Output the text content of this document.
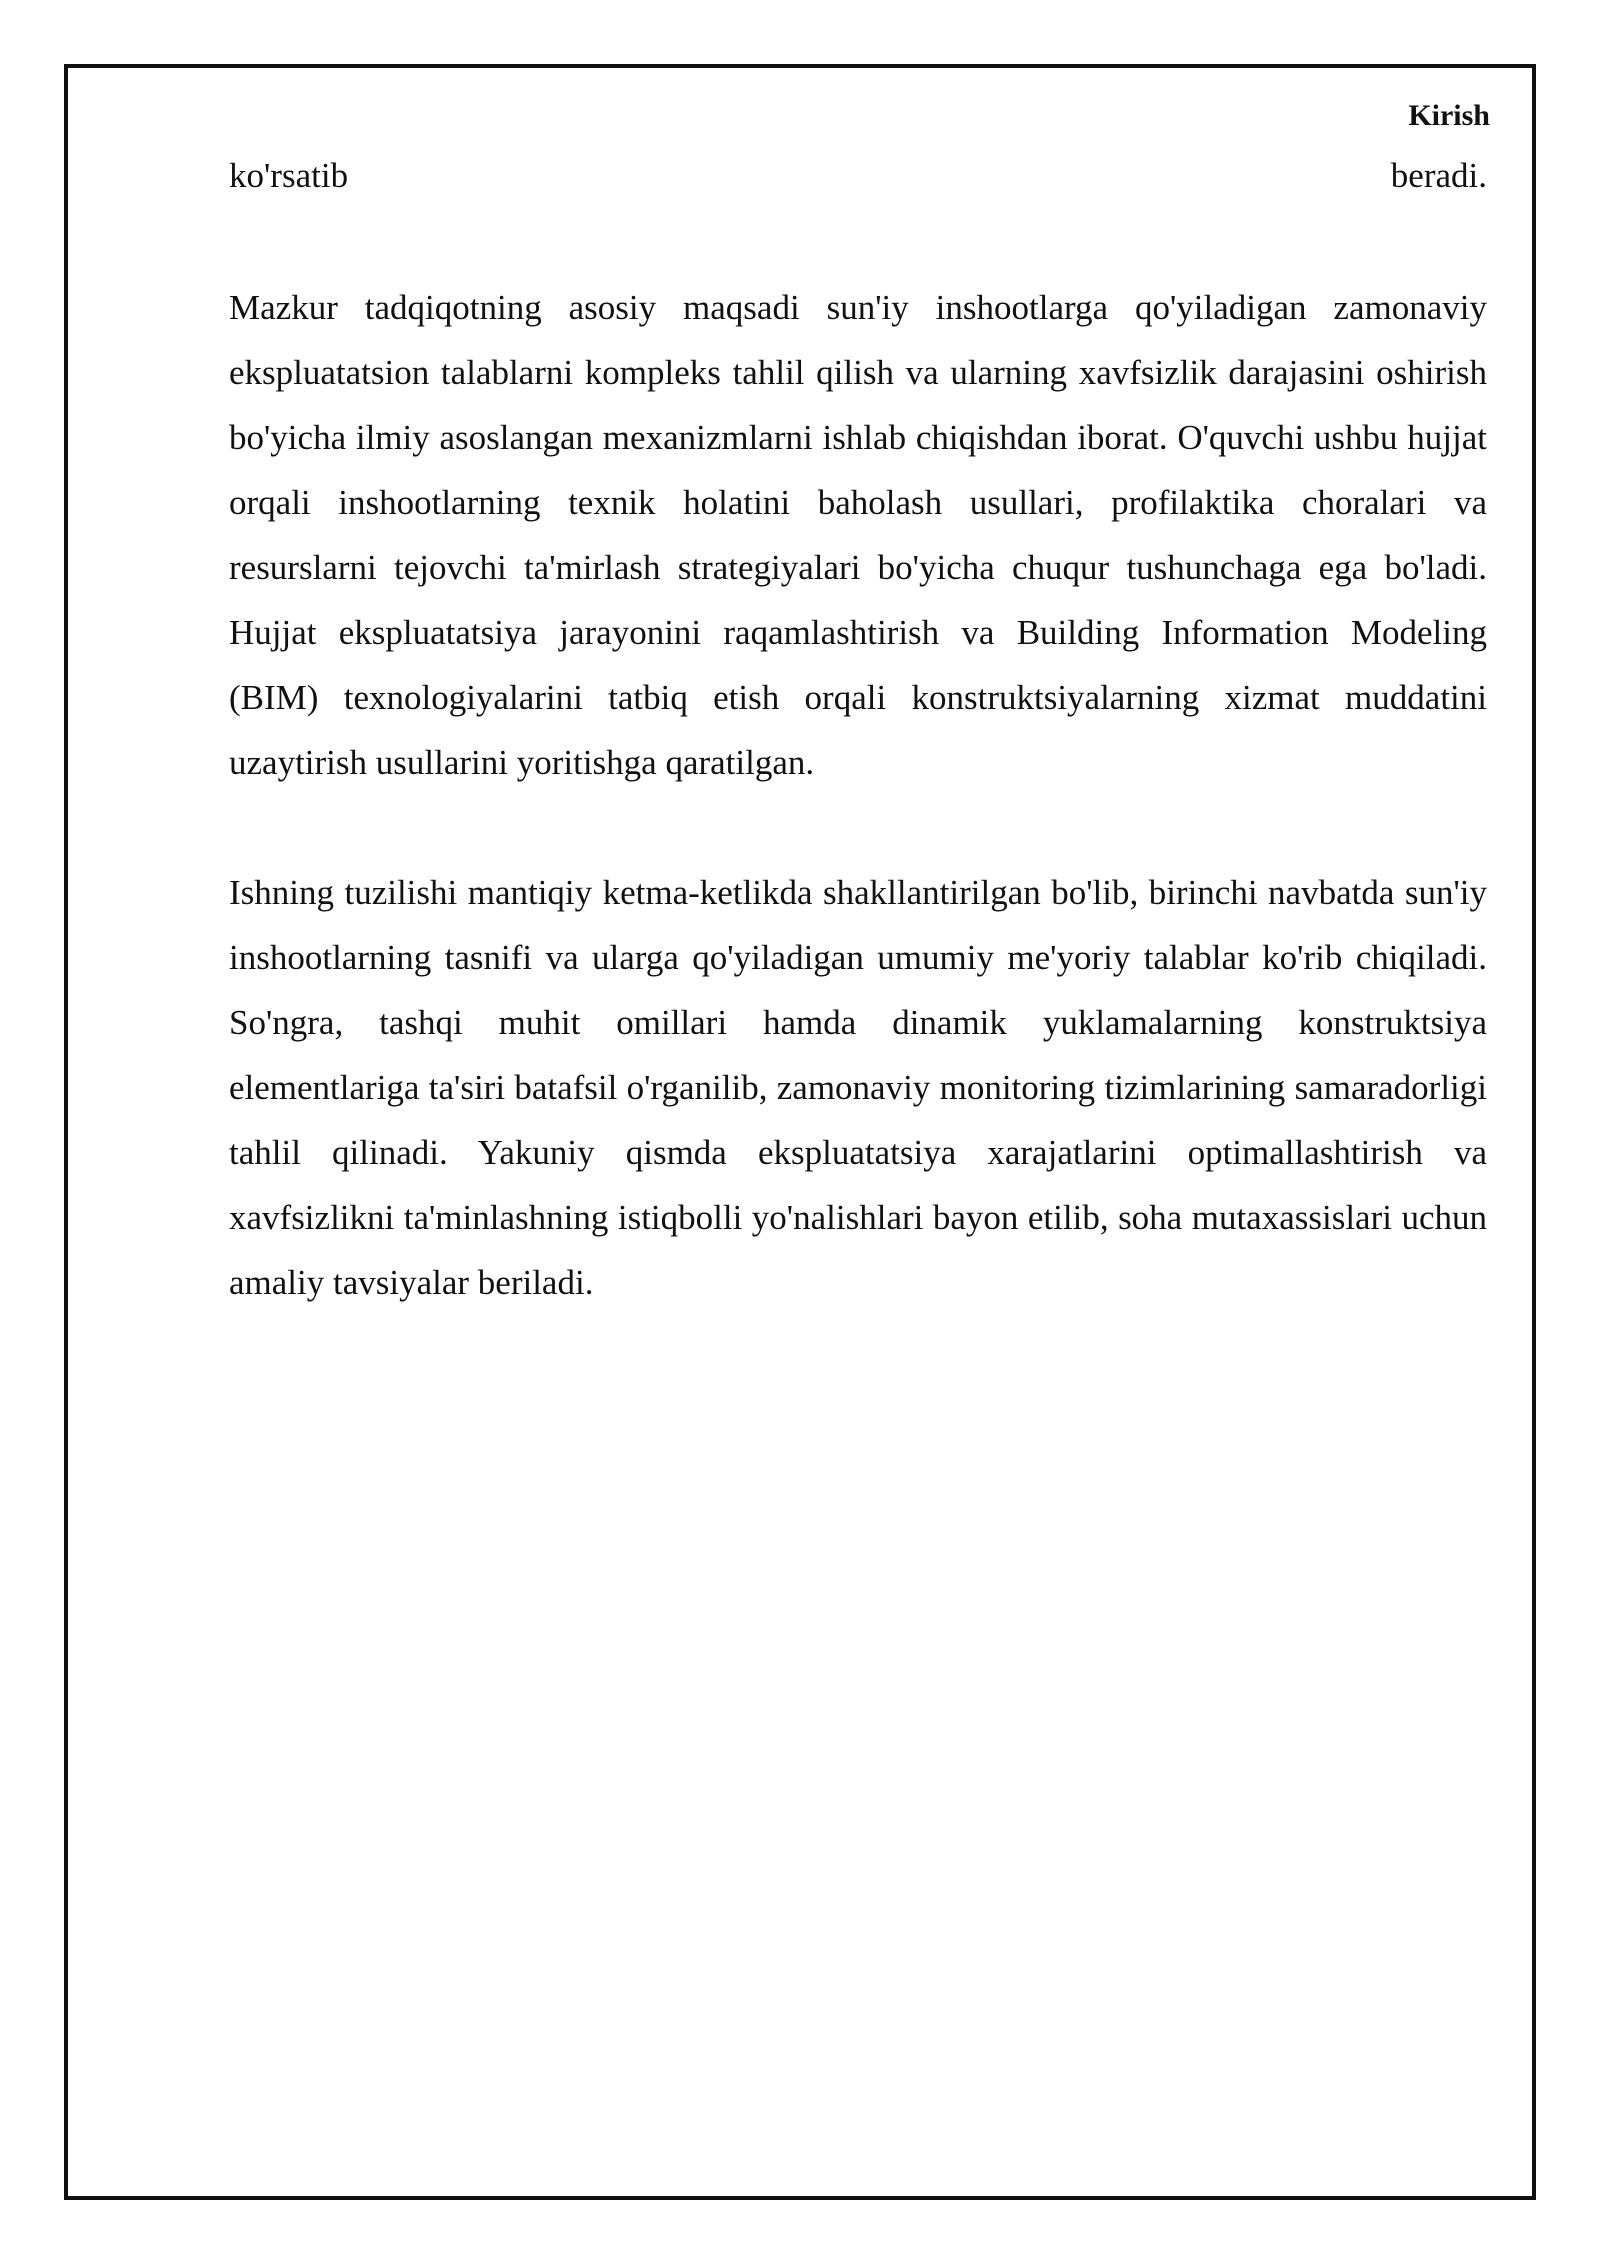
Kirish
ko'rsatib	beradi.

Mazkur tadqiqotning asosiy maqsadi sun'iy inshootlarga qo'yiladigan zamonaviy ekspluatatsion talablarni kompleks tahlil qilish va ularning xavfsizlik darajasini oshirish bo'yicha ilmiy asoslangan mexanizmlarni ishlab chiqishdan iborat. O'quvchi ushbu hujjat orqali inshootlarning texnik holatini baholash usullari, profilaktika choralari va resurslarni tejovchi ta'mirlash strategiyalari bo'yicha chuqur tushunchaga ega bo'ladi. Hujjat ekspluatatsiya jarayonini raqamlashtirish va Building Information Modeling (BIM) texnologiyalarini tatbiq etish orqali konstruktsiyalarning xizmat muddatini uzaytirish usullarini yoritishga qaratilgan.

Ishning tuzilishi mantiqiy ketma-ketlikda shakllantirilgan bo'lib, birinchi navbatda sun'iy inshootlarning tasnifi va ularga qo'yiladigan umumiy me'yoriy talablar ko'rib chiqiladi. So'ngra, tashqi muhit omillari hamda dinamik yuklamalarning konstruktsiya elementlariga ta'siri batafsil o'rganilib, zamonaviy monitoring tizimlarining samaradorligi tahlil qilinadi. Yakuniy qismda ekspluatatsiya xarajatlarini optimallashtirish va xavfsizlikni ta'minlashning istiqbolli yo'nalishlari bayon etilib, soha mutaxassislari uchun amaliy tavsiyalar beriladi.
